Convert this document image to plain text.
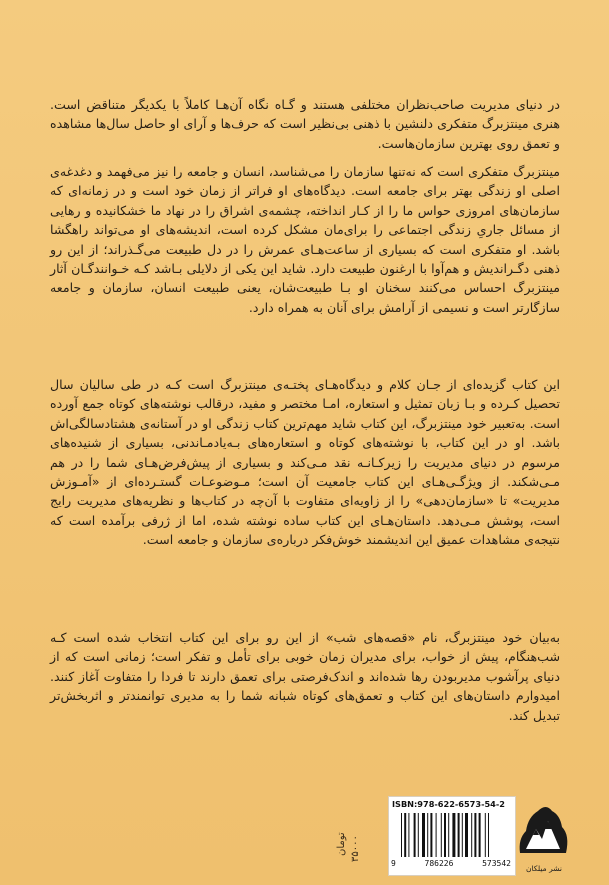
در دنیای مدیریت صاحب‌نظران مختلفی هستند و گـاه نگاه آن‌هـا کاملاً با یکدیگر متناقض است. هنری مینتزبرگ متفکری دلنشین با ذهنی بی‌نظیر است که حرف‌ها و آرای او حاصل سال‌ها مشاهده و تعمق روی بهترین سازمان‌هاست.

مینتزبرگ متفکری است که نه‌تنها سازمان را می‌شناسد، انسان و جامعه را نیز می‌فهمد و دغدغه‌ی اصلی او زندگی بهتر برای جامعه است. دیدگاه‌های او فراتر از زمان خود است و در زمانه‌ای که سازمان‌های امروزی حواس ما را از کـار انداخته، چشمه‌ی اشراق را در نهاد ما خشکانیده و رهایی از مسائل جاریِ زندگی اجتماعی را برای‌مان مشکل کرده است، اندیشه‌های او می‌تواند راهگشا باشد. او متفکری است که بسیاری از ساعت‌هـای عمرش را در دل طبیعت می‌گـذراند؛ از این رو ذهنی دگـراندیش و هم‌آوا با ارغنون طبیعت دارد. شاید این یکی از دلایلی بـاشد کـه خـوانندگـان آثار مینتزبرگ احساس می‌کنند سخنان او بـا طبیعت‌شان، یعنی طبیعت انسان، سازمان و جامعه سازگارتر است و نسیمی از آرامش برای آنان به همراه دارد.

این کتاب گزیده‌ای از جـان کلام و دیدگاه‌هـای پختـه‌ی مینتزبرگ است کـه در طی سالیان سال تحصیل کـرده و بـا زبان تمثیل و استعاره، امـا مختصر و مفید، درقالب نوشته‌های کوتاه جمع آورده است. به‌تعبیر خود مینتزبرگ، این کتاب شاید مهم‌ترین کتاب زندگی او در آستانه‌ی هشتادسالگی‌اش باشد. او در این کتاب، با نوشته‌های کوتاه و استعاره‌های بـه‌یادمـاندنی، بسیاری از شنیده‌های مرسوم در دنیای مدیریت را زیرکـانـه نقد مـی‌کند و بسیاری از پیش‌فرض‌هـای شما را در هم مـی‌شکند. از ویژگـی‌هـای این کتاب جامعیت آن است؛ مـوضوعـات گستـرده‌ای از «آمـوزش مدیریت» تا «سازمان‌دهی» را از زاویه‌ای متفاوت با آن‌چه در کتاب‌ها و نظریه‌های مدیریت رایج است، پوشش مـی‌دهد. داستان‌هـای این کتاب ساده نوشته شده، اما از ژرفی برآمده است که نتیجه‌ی مشاهدات عمیق این اندیشمند خوش‌فکر درباره‌ی سازمان و جامعه است.

به‌بیان خود مینتزبرگ، نام «قصه‌های شب» از این رو برای این کتاب انتخاب شده است کـه شب‌هنگام، پیش از خواب، برای مدیران زمان خوبی برای تأمل و تفکر است؛ زمانی است که از دنیای پرآشوب مدیربودن رها شده‌اند و اندک‌فرصتی برای تعمق دارند تا فردا را متفاوت آغاز کنند. امیدوارم داستان‌های این کتاب و تعمق‌های کوتاه شبانه شما را به مدیری توانمندتر و اثربخش‌تر تبدیل کند.

۳۵۰۰۰
تومان
ISBN:978-622-6573-54-2
9	786226	573542
نشر میلکان
